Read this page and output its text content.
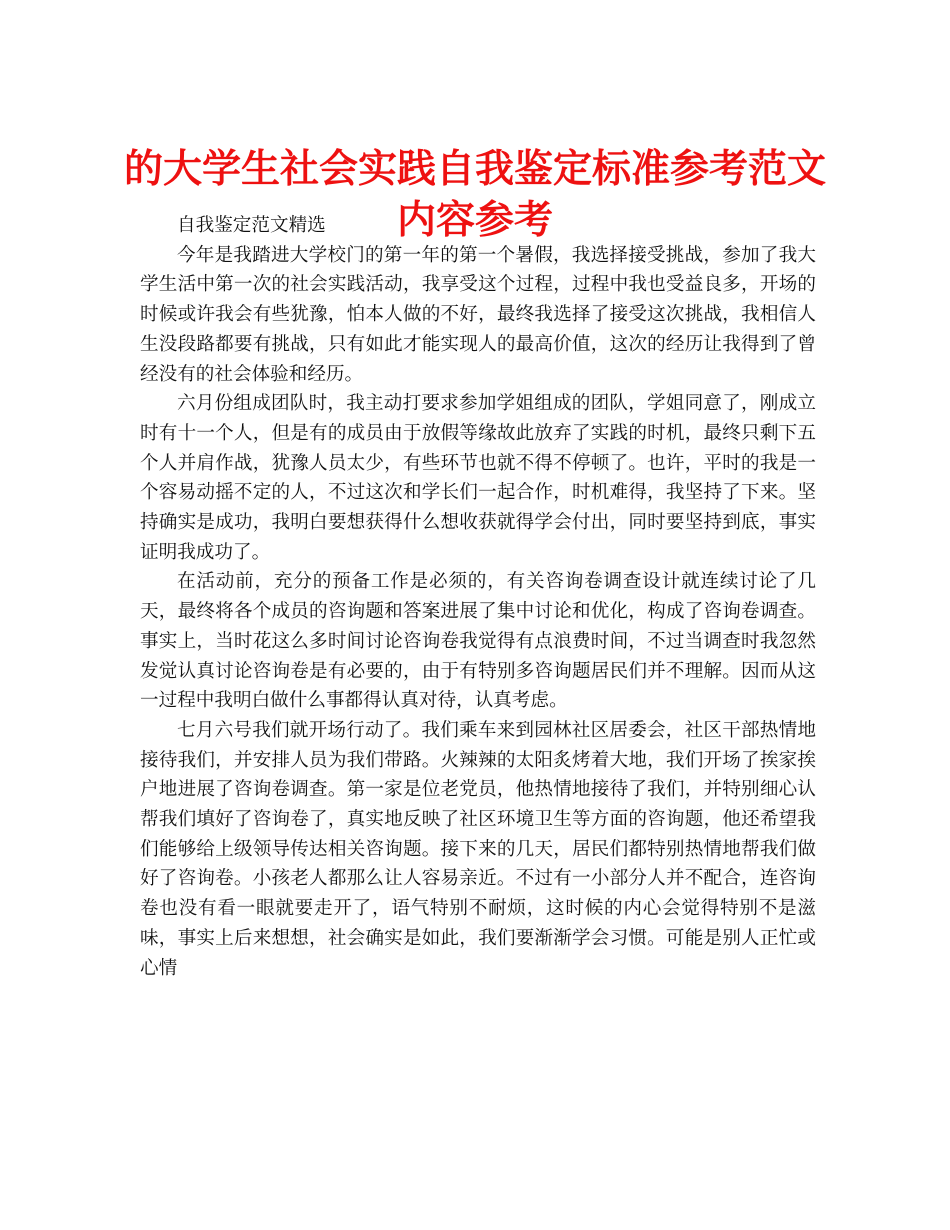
的大学生社会实践自我鉴定标准参考范文
内容参考

自我鉴定范文精选

今年是我踏进大学校门的第一年的第一个暑假，我选择接受挑战，参加了我大学生活中第一次的社会实践活动，我享受这个过程，过程中我也受益良多，开场的时候或许我会有些犹豫，怕本人做的不好，最终我选择了接受这次挑战，我相信人生没段路都要有挑战，只有如此才能实现人的最高价值，这次的经历让我得到了曾经没有的社会体验和经历。

六月份组成团队时，我主动打要求参加学姐组成的团队，学姐同意了，刚成立时有十一个人，但是有的成员由于放假等缘故此放弃了实践的时机，最终只剩下五个人并肩作战，犹豫人员太少，有些环节也就不得不停顿了。也许，平时的我是一个容易动摇不定的人，不过这次和学长们一起合作，时机难得，我坚持了下来。坚持确实是成功，我明白要想获得什么想收获就得学会付出，同时要坚持到底，事实证明我成功了。

在活动前，充分的预备工作是必须的，有关咨询卷调查设计就连续讨论了几天，最终将各个成员的咨询题和答案进展了集中讨论和优化，构成了咨询卷调查。事实上，当时花这么多时间讨论咨询卷我觉得有点浪费时间，不过当调查时我忽然发觉认真讨论咨询卷是有必要的，由于有特别多咨询题居民们并不理解。因而从这一过程中我明白做什么事都得认真对待，认真考虑。

七月六号我们就开场行动了。我们乘车来到园林社区居委会，社区干部热情地接待我们，并安排人员为我们带路。火辣辣的太阳炙烤着大地，我们开场了挨家挨户地进展了咨询卷调查。第一家是位老党员，他热情地接待了我们，并特别细心认帮我们填好了咨询卷了，真实地反映了社区环境卫生等方面的咨询题，他还希望我们能够给上级领导传达相关咨询题。接下来的几天，居民们都特别热情地帮我们做好了咨询卷。小孩老人都那么让人容易亲近。不过有一小部分人并不配合，连咨询卷也没有看一眼就要走开了，语气特别不耐烦，这时候的内心会觉得特别不是滋味，事实上后来想想，社会确实是如此，我们要渐渐学会习惯。可能是别人正忙或心情
